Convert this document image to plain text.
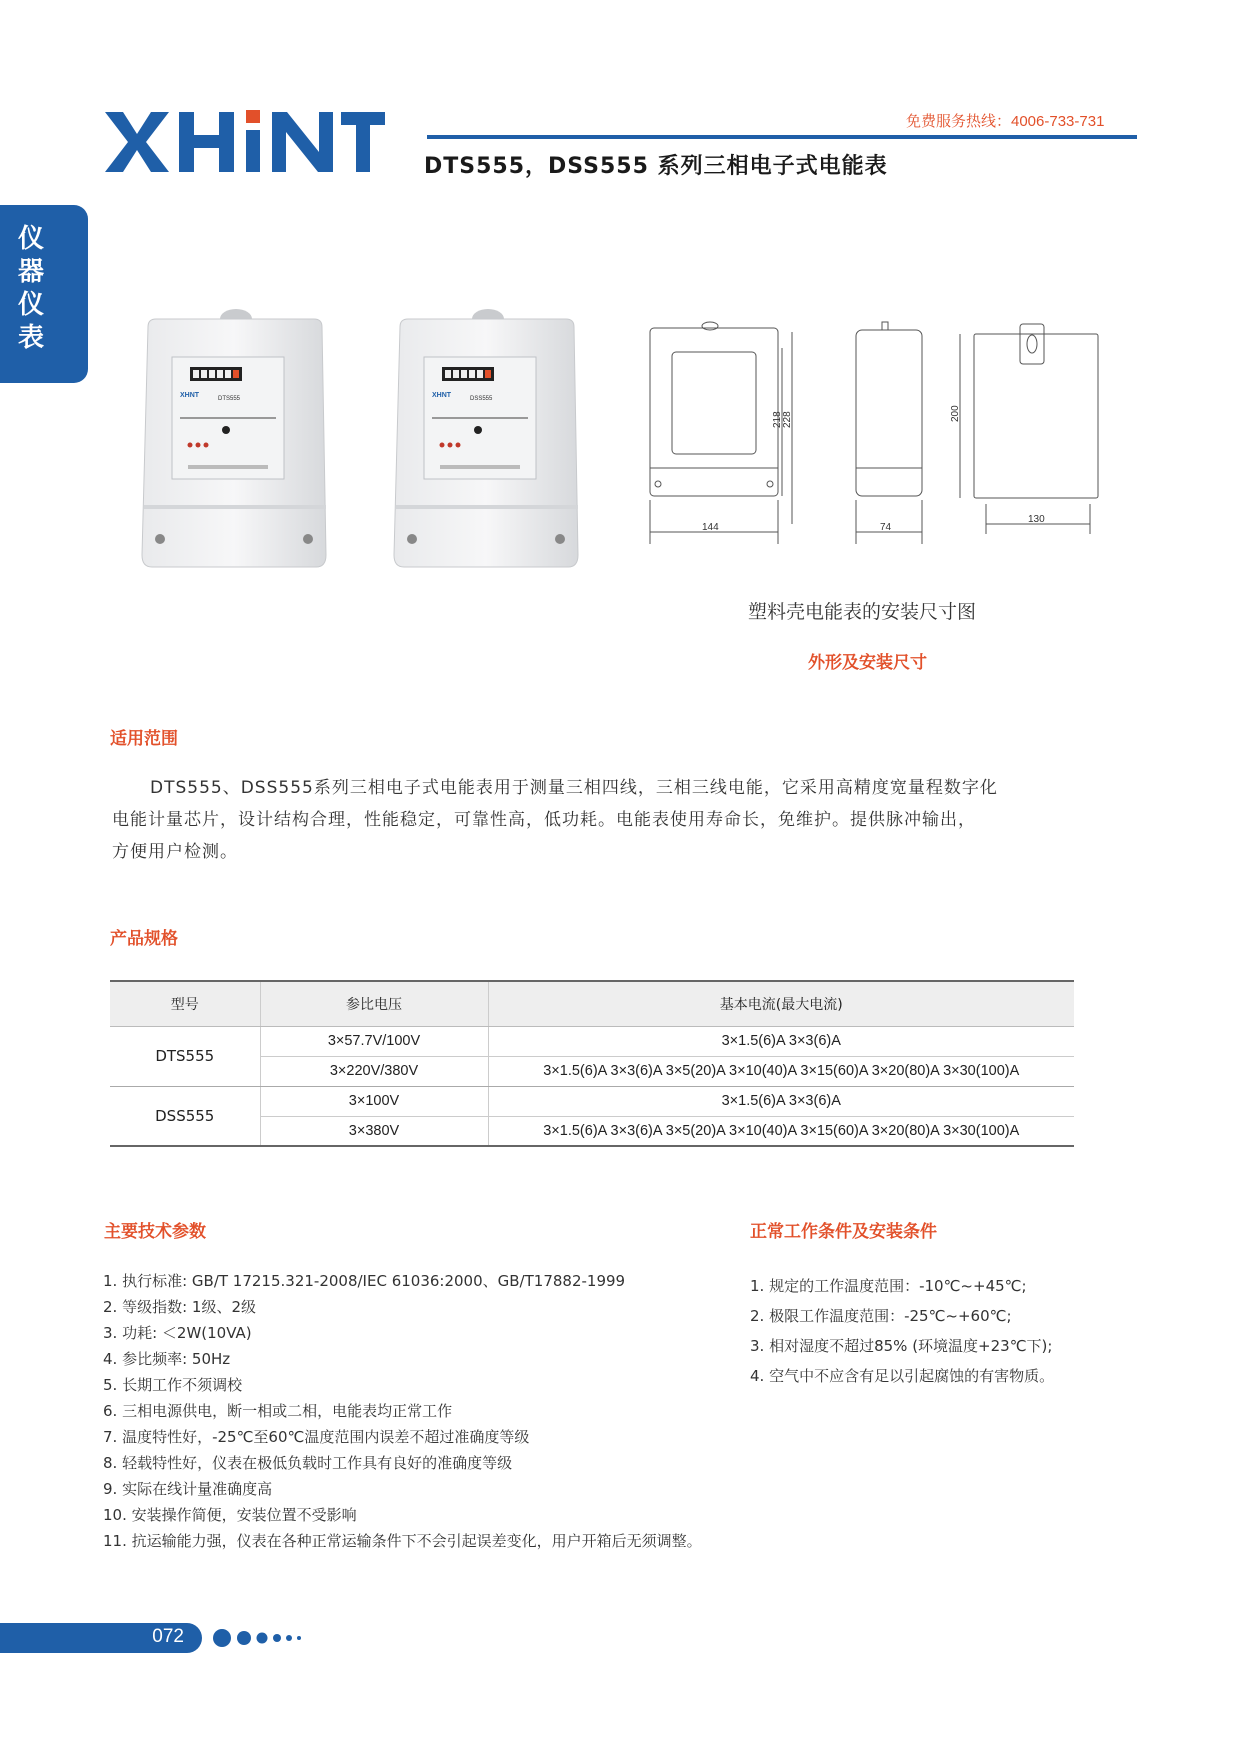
免费服务热线：4006-733-731
DTS555，DSS555 系列三相电子式电能表
仪
器
仪
表
XHNT	DTS555	XHNT	DSS555
218 228
144	74
200
130
塑料壳电能表的安装尺寸图
外形及安装尺寸
适用范围
DTS555、DSS555系列三相电子式电能表用于测量三相四线，三相三线电能，它采用高精度宽量程数字化
电能计量芯片，设计结构合理，性能稳定，可靠性高，低功耗。电能表使用寿命长，免维护。提供脉冲输出，
方便用户检测。
产品规格
型号	参比电压	基本电流(最大电流)
DTS555	3×57.7V/100V	3×1.5(6)A 3×3(6)A
	3×220V/380V	3×1.5(6)A 3×3(6)A 3×5(20)A 3×10(40)A 3×15(60)A 3×20(80)A 3×30(100)A
DSS555	3×100V	3×1.5(6)A 3×3(6)A
	3×380V	3×1.5(6)A 3×3(6)A 3×5(20)A 3×10(40)A 3×15(60)A 3×20(80)A 3×30(100)A
主要技术参数
1. 执行标准: GB/T 17215.321-2008/IEC 61036:2000、GB/T17882-1999
2. 等级指数: 1级、2级
3. 功耗: ＜2W(10VA)
4. 参比频率: 50Hz
5. 长期工作不须调校
6. 三相电源供电，断一相或二相，电能表均正常工作
7. 温度特性好，-25℃至60℃温度范围内误差不超过准确度等级
8. 轻载特性好，仪表在极低负载时工作具有良好的准确度等级
9. 实际在线计量准确度高
10. 安装操作简便，安装位置不受影响
11. 抗运输能力强，仪表在各种正常运输条件下不会引起误差变化，用户开箱后无须调整。
正常工作条件及安装条件
1. 规定的工作温度范围：-10℃~+45℃;
2. 极限工作温度范围：-25℃~+60℃;
3. 相对湿度不超过85% (环境温度+23℃下);
4. 空气中不应含有足以引起腐蚀的有害物质。
072
